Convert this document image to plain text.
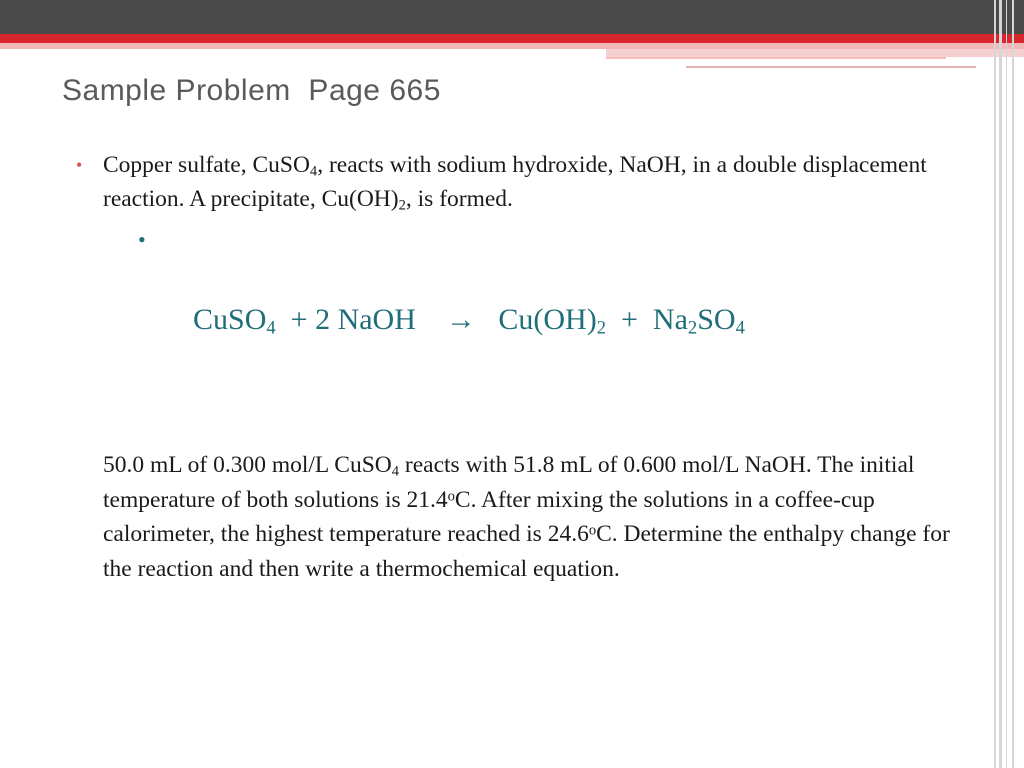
Sample Problem  Page 665
• Copper sulfate, CuSO$_4$, reacts with sodium hydroxide, NaOH, in a double displacement reaction. A precipitate, $Cu(OH)_2$, is formed.

•

CuSO$_4$  + 2 NaOH    →   $Cu(OH)_2 + Na_2SO_4$

50.0 mL of 0.300 mol/L CuSO$_4$ reacts with 51.8 mL of 0.600 mol/L NaOH. The initial temperature of both solutions is 21.4$^o$C. After mixing the solutions in a coffee-cup calorimeter, the highest temperature reached is 24.6$^o$C. Determine the enthalpy change for the reaction and then write a thermochemical equation.
